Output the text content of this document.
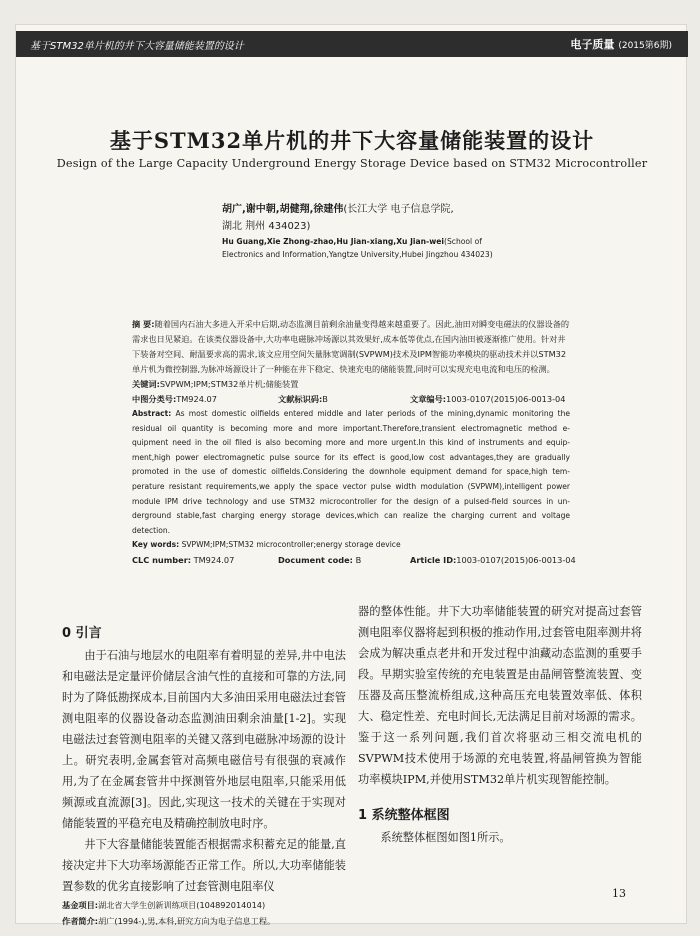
基于STM32单片机的井下大容量储能装置的设计	电子质量 (2015第6期)
基于STM32单片机的井下大容量储能装置的设计
Design of the Large Capacity Underground Energy Storage Device based on STM32 Microcontroller
胡广,谢中朝,胡健翔,徐建伟(长江大学 电子信息学院,
湖北 荆州 434023)
Hu Guang,Xie Zhong-zhao,Hu Jian-xiang,Xu Jian-wei(School of
Electronics and Information,Yangtze University,Hubei Jingzhou 434023)

摘 要:随着国内石油大多进入开采中后期,动态监测目前剩余油量变得越来越重要了。因此,油田对瞬变电磁法的仪器设备的需求也日见紧迫。在该类仪器设备中,大功率电磁脉冲场源以其效果好,成本低等优点,在国内油田被逐渐推广使用。针对井下装备对空间、耐温要求高的需求,该文应用空间矢量脉宽调制(SVPWM)技术及IPM智能功率模块的驱动技术并以STM32单片机为微控制器,为脉冲场源设计了一种能在井下稳定、快速充电的储能装置,同时可以实现充电电流和电压的检测。

关键词:SVPWM;IPM;STM32单片机;储能装置

中图分类号:TM924.07	文献标识码:B	文章编号:1003-0107(2015)06-0013-04

Abstract: As most domestic oilfields entered middle and later periods of the mining,dynamic monitoring the residual oil quantity is becoming more and more important.Therefore,transient electromagnetic method e-quipment need in the oil filed is also becoming more and more urgent.In this kind of instruments and equip-ment,high power electromagnetic pulse source for its effect is good,low cost advantages,they are gradually promoted in the use of domestic oilfields.Considering the downhole equipment demand for space,high tem-perature resistant requirements,we apply the space vector pulse width modulation (SVPWM),intelligent power module IPM drive technology and use STM32 microcontroller for the design of a pulsed-field sources in un-derground stable,fast charging energy storage devices,which can realize the charging current and voltage detection.

Key words: SVPWM;IPM;STM32 microcontroller;energy storage device

CLC number: TM924.07	Document code: B	Article ID:1003-0107(2015)06-0013-04
0 引言

由于石油与地层水的电阻率有着明显的差异,井中电法和电磁法是定量评价储层含油气性的直接和可靠的方法,同时为了降低勘探成本,目前国内大多油田采用电磁法过套管测电阻率的仪器设备动态监测油田剩余油量[1-2]。实现电磁法过套管测电阻率的关键又落到电磁脉冲场源的设计上。研究表明,金属套管对高频电磁信号有很强的衰减作用,为了在金属套管井中探测管外地层电阻率,只能采用低频源或直流源[3]。因此,实现这一技术的关键在于实现对储能装置的平稳充电及精确控制放电时序。

井下大容量储能装置能否根据需求积蓄充足的能量,直接决定井下大功率场源能否正常工作。所以,大功率储能装置参数的优劣直接影响了过套管测电阻率仪

基金项目:湖北省大学生创新训练项目(104892014014)

作者简介:胡广(1994-),男,本科,研究方向为电子信息工程。

器的整体性能。井下大功率储能装置的研究对提高过套管测电阻率仪器将起到积极的推动作用,过套管电阻率测井将会成为解决重点老井和开发过程中油藏动态监测的重要手段。早期实验室传统的充电装置是由晶闸管整流装置、变压器及高压整流桥组成,这种高压充电装置效率低、体积大、稳定性差、充电时间长,无法满足目前对场源的需求。鉴于这一系列问题,我们首次将驱动三相交流电机的SVPWM技术使用于场源的充电装置,将晶闸管换为智能功率模块IPM,并使用STM32单片机实现智能控制。

1 系统整体框图

系统整体框图如图1所示。

13
